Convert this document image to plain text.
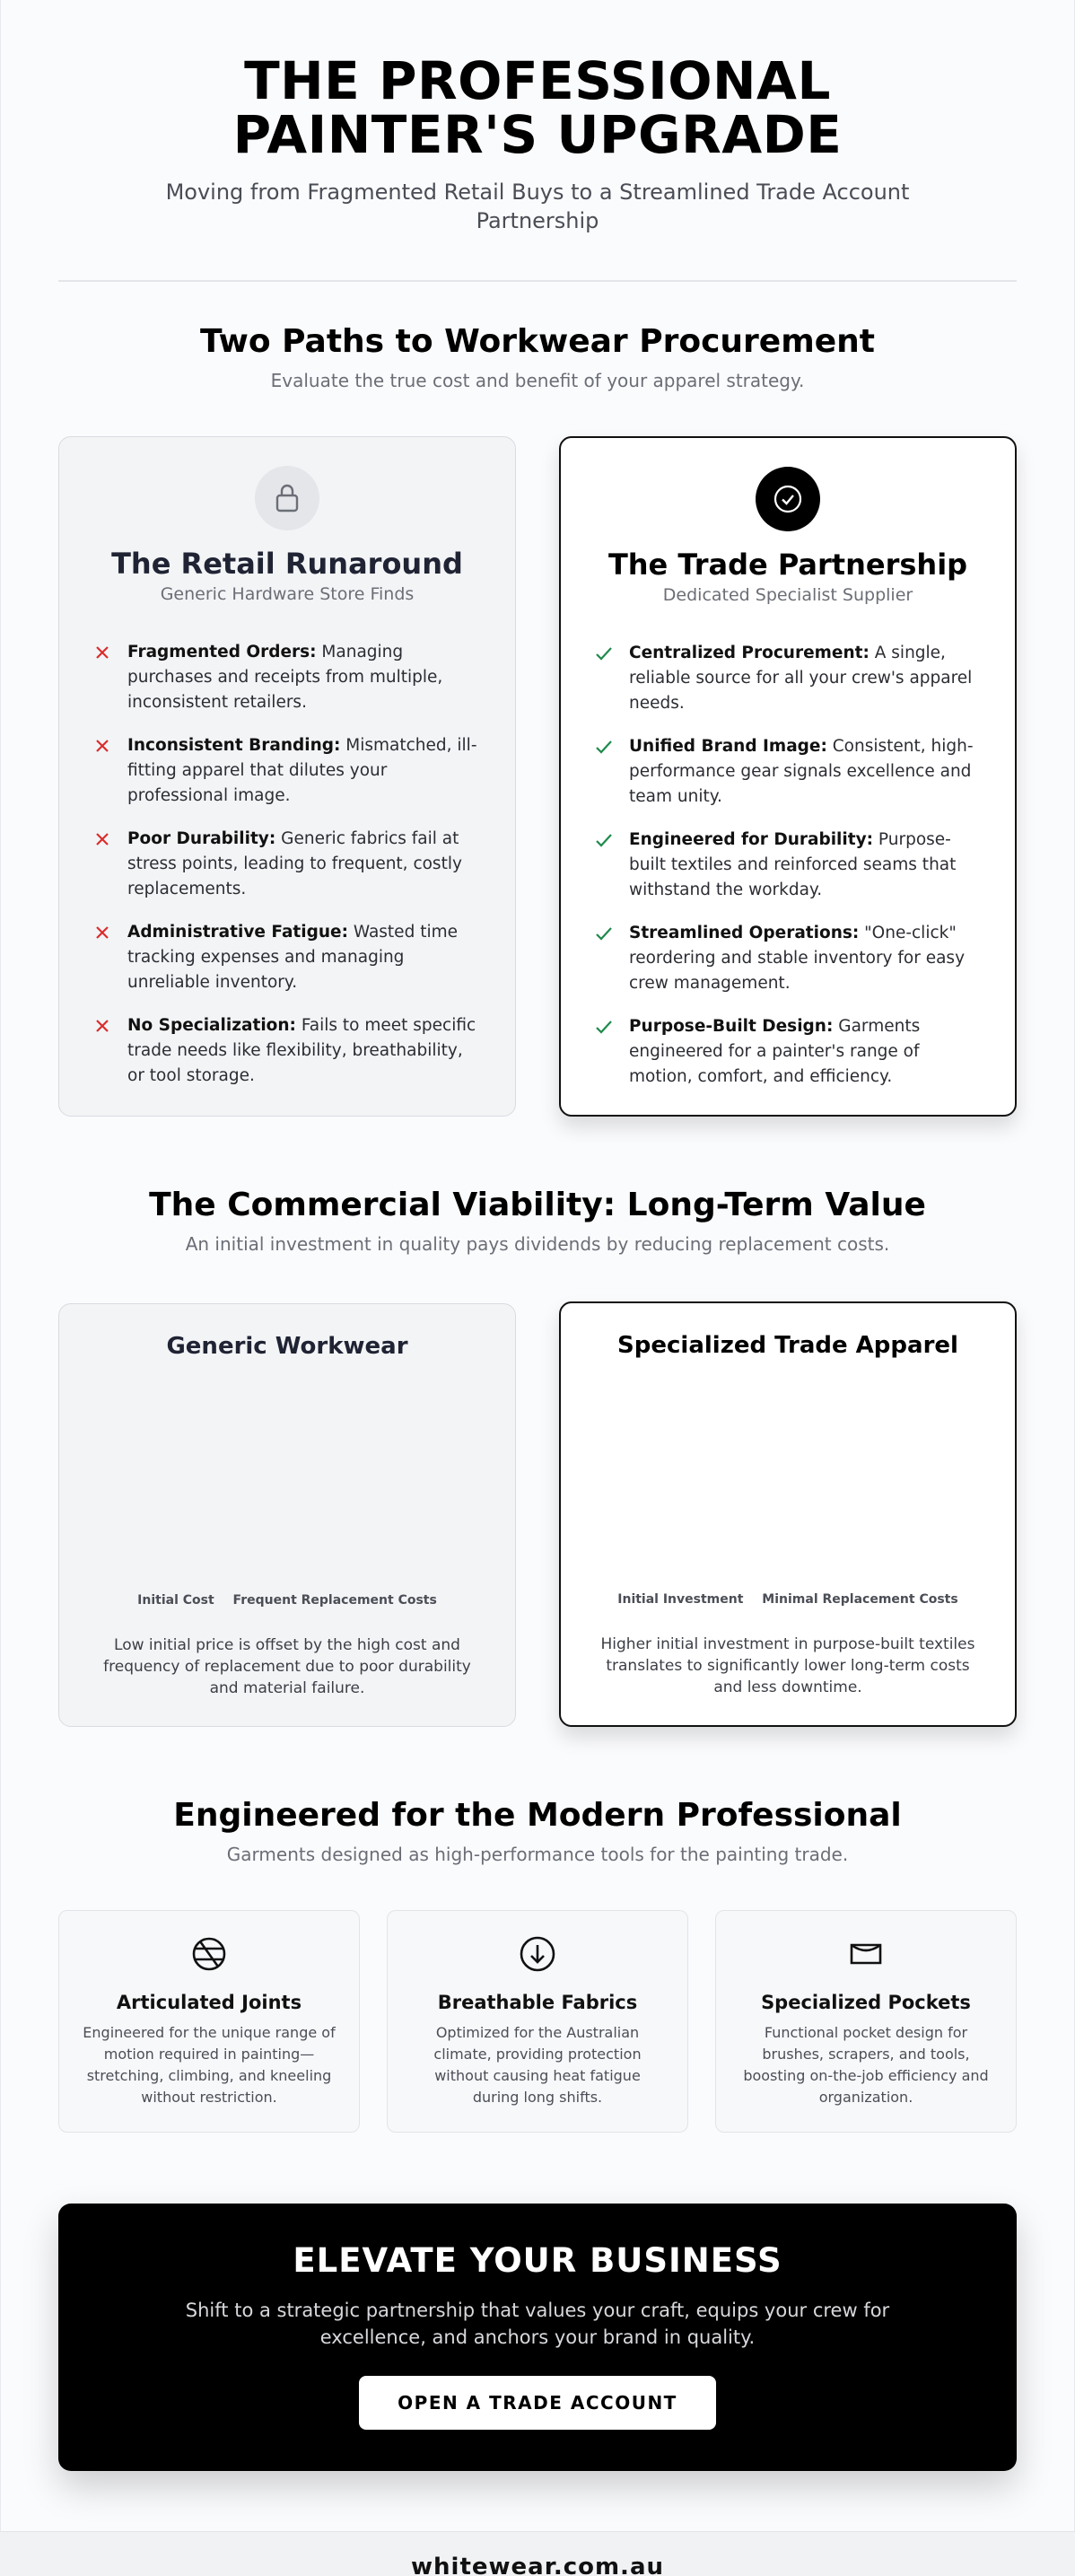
THE PROFESSIONAL PAINTER'S UPGRADE

Moving from Fragmented Retail Buys to a Streamlined Trade Account Partnership

Two Paths to Workwear Procurement

Evaluate the true cost and benefit of your apparel strategy.

The Retail Runaround
Generic Hardware Store Finds
Fragmented Orders: Managing purchases and receipts from multiple, inconsistent retailers.
Inconsistent Branding: Mismatched, ill-fitting apparel that dilutes your professional image.
Poor Durability: Generic fabrics fail at stress points, leading to frequent, costly replacements.
Administrative Fatigue: Wasted time tracking expenses and managing unreliable inventory.
No Specialization: Fails to meet specific trade needs like flexibility, breathability, or tool storage.
The Trade Partnership
Dedicated Specialist Supplier
Centralized Procurement: A single, reliable source for all your crew's apparel needs.
Unified Brand Image: Consistent, high-performance gear signals excellence and team unity.
Engineered for Durability: Purpose-built textiles and reinforced seams that withstand the workday.
Streamlined Operations: "One-click" reordering and stable inventory for easy crew management.
Purpose-Built Design: Garments engineered for a painter's range of motion, comfort, and efficiency.
The Commercial Viability: Long-Term Value

An initial investment in quality pays dividends by reducing replacement costs.

Generic Workwear
Initial Cost Frequent Replacement Costs

Low initial price is offset by the high cost and frequency of replacement due to poor durability and material failure.

Specialized Trade Apparel
Initial Investment Minimal Replacement Costs

Higher initial investment in purpose-built textiles translates to significantly lower long-term costs and less downtime.

Engineered for the Modern Professional

Garments designed as high-performance tools for the painting trade.

Articulated Joints

Engineered for the unique range of motion required in painting—stretching, climbing, and kneeling without restriction.

Breathable Fabrics

Optimized for the Australian climate, providing protection without causing heat fatigue during long shifts.

Specialized Pockets

Functional pocket design for brushes, scrapers, and tools, boosting on-the-job efficiency and organization.

ELEVATE YOUR BUSINESS

Shift to a strategic partnership that values your craft, equips your crew for excellence, and anchors your brand in quality.

OPEN A TRADE ACCOUNT
whitewear.com.au
